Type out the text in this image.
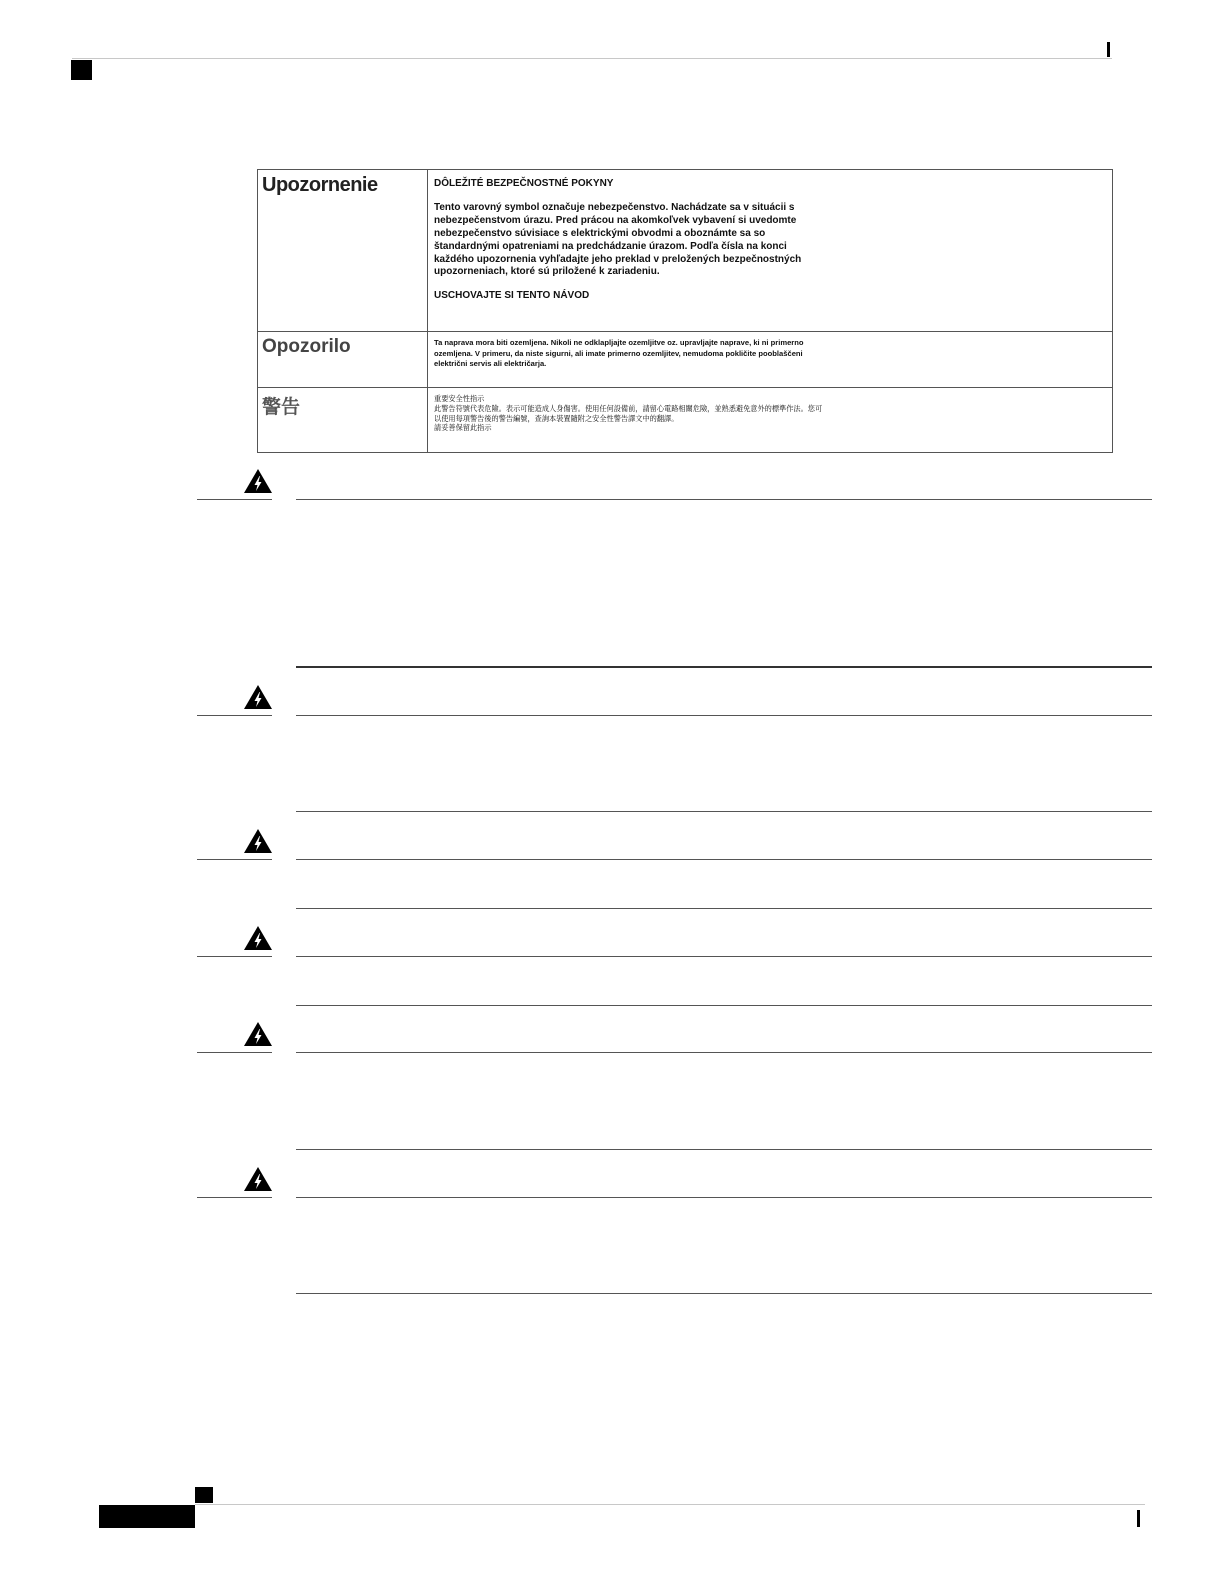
Upozornenie	DÔLEŽITÉ BEZPEČNOSTNÉ POKYNY

Tento varovný symbol označuje nebezpečenstvo. Nachádzate sa v situácii s nebezpečenstvom úrazu. Pred prácou na akomkoľvek vybavení si uvedomte nebezpečenstvo súvisiace s elektrickými obvodmi a oboznámte sa so štandardnými opatreniami na predchádzanie úrazom. Podľa čísla na konci každého upozornenia vyhľadajte jeho preklad v preložených bezpečnostných upozorneniach, ktoré sú priložené k zariadeniu.

USCHOVAJTE SI TENTO NÁVOD

Opozorilo	Ta naprava mora biti ozemljena. Nikoli ne odklapljajte ozemljitve oz. upravljajte naprave, ki ni primerno ozemljena. V primeru, da niste sigurni, ali imate primerno ozemljitev, nemudoma pokličite pooblaščeni električni servis ali električarja.

警告	重要安全性指示

此警告符號代表危險。表示可能造成人身傷害。使用任何設備前，請留心電路相關危險，並熟悉避免意外的標準作法。您可以使用每項警告後的警告編號，查詢本裝置隨附之安全性警告譯文中的翻譯。

請妥善保留此指示
